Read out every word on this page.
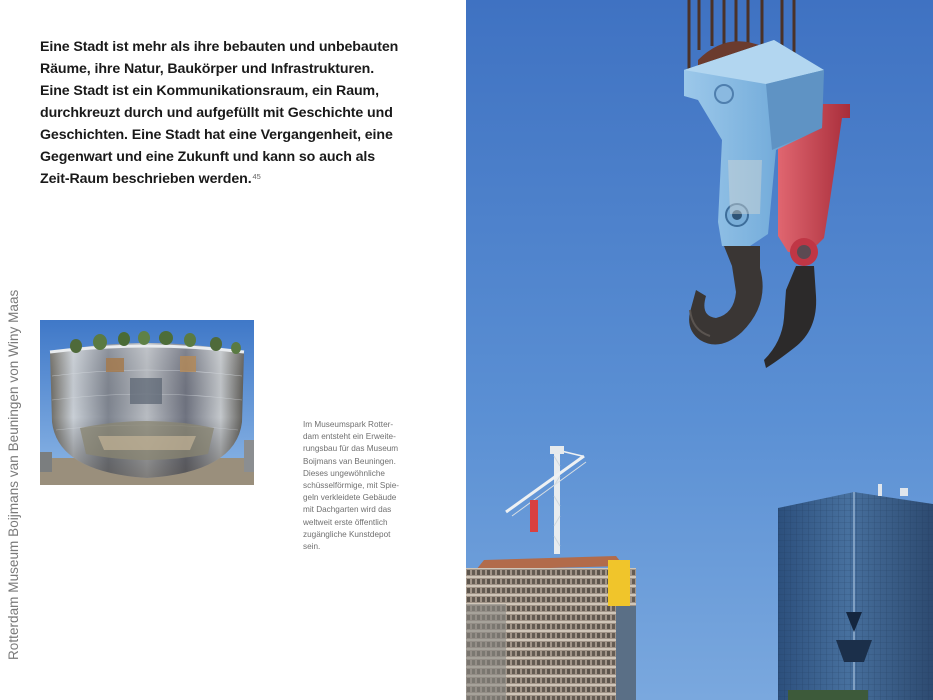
Eine Stadt ist mehr als ihre bebauten und unbebauten
Räume, ihre Natur, Baukörper und Infrastrukturen.
Eine Stadt ist ein Kommunikationsraum, ein Raum,
durchkreuzt durch und aufgefüllt mit Geschichte und
Geschichten. Eine Stadt hat eine Vergangenheit, eine
Gegenwart und eine Zukunft und kann so auch als
Zeit-Raum beschrieben werden.$^{45}$

Rotterdam Museum Boijmans van Beuningen von Winy Maas	Im Museumspark Rotter-
dam entsteht ein Erweite-
rungsbau für das Museum
Boijmans van Beuningen.
Dieses ungewöhnliche
schüsselförmige, mit Spie-
geln verkleidete Gebäude
mit Dachgarten wird das
weltweit erste öffentlich
zugängliche Kunstdepot
sein.
